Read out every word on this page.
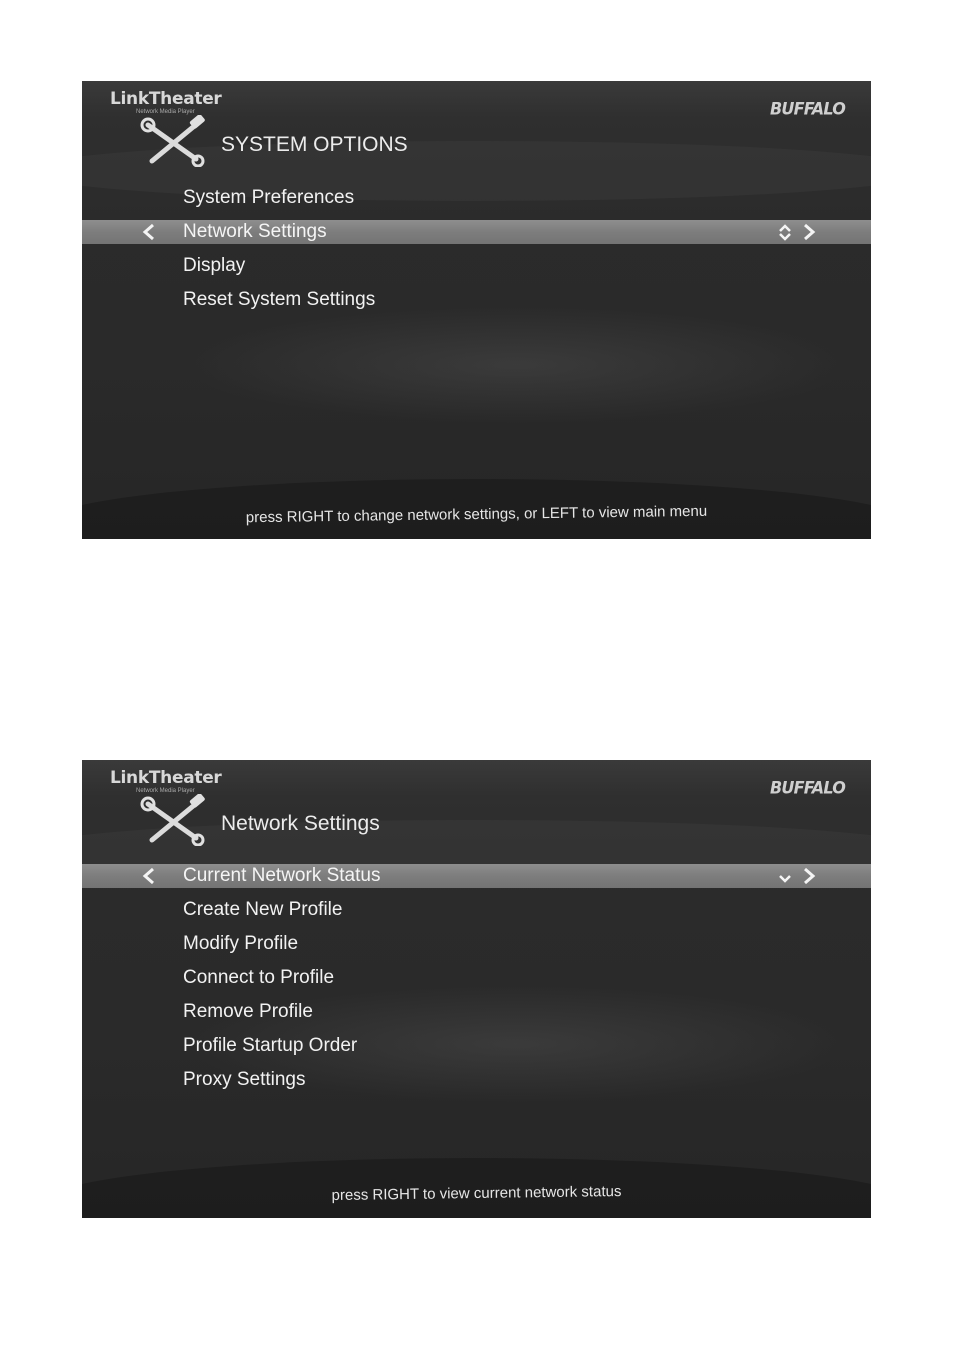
LinkTheater
Network Media Player	BUFFALO
SYSTEM OPTIONS
System Preferences
Network Settings
Display
Reset System Settings
press RIGHT to change network settings, or LEFT to view main menu
LinkTheater
Network Media Player	BUFFALO
Network Settings
Current Network Status
Create New Profile
Modify Profile
Connect to Profile
Remove Profile
Profile Startup Order
Proxy Settings
press RIGHT to view current network status
